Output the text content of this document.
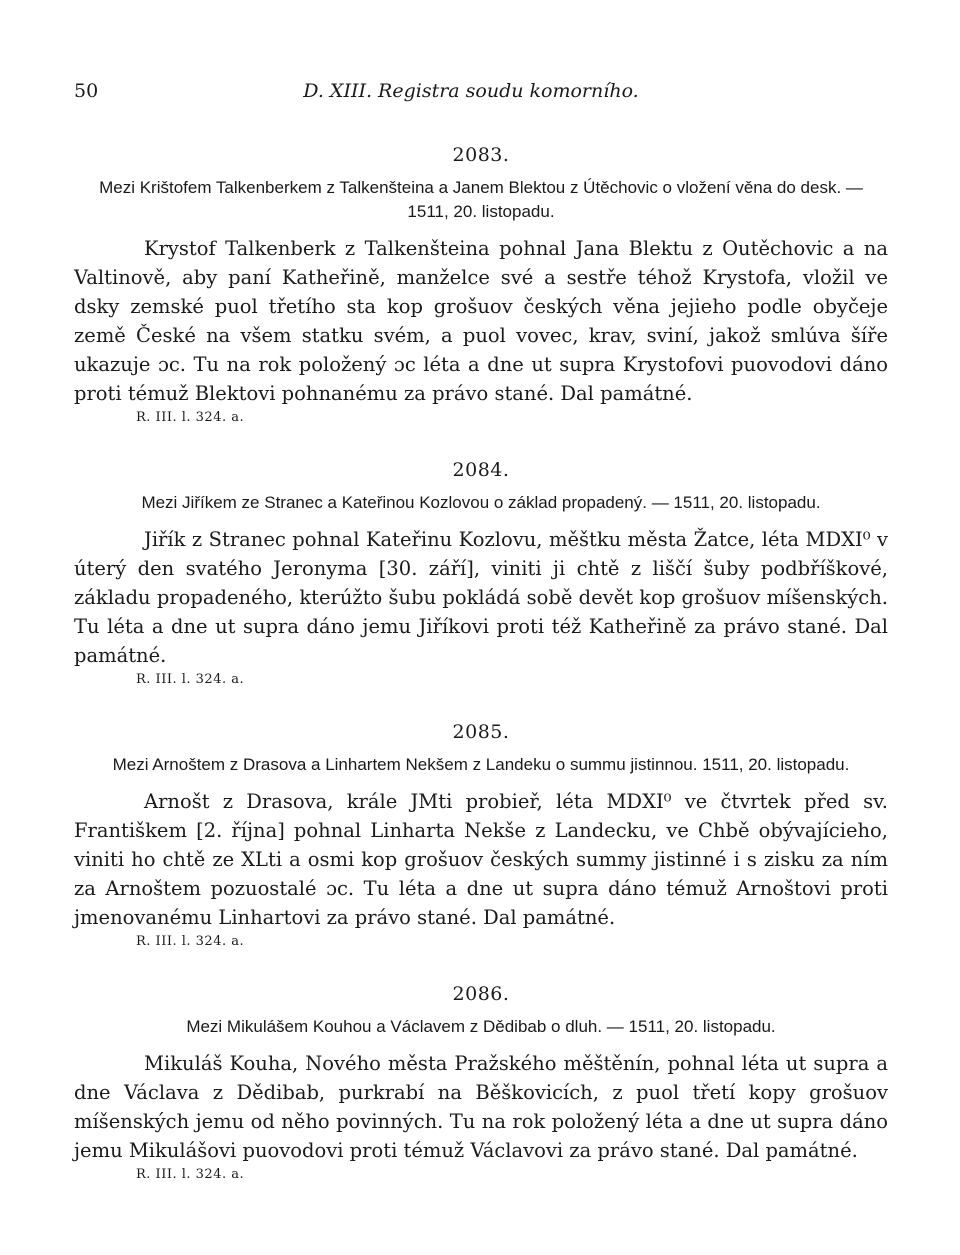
50	D. XIII. Registra soudu komorního.
2083.
Mezi Krištofem Talkenberkem z Talkenšteina a Janem Blektou z Útěchovic o vložení věna do desk. — 1511, 20. listopadu.

Krystof Talkenberk z Talkenšteina pohnal Jana Blektu z Outěchovic a na Valtinově, aby paní Katheřině, manželce své a sestře téhož Krystofa, vložil ve dsky zemské puol třetího sta kop grošuov českých věna jejieho podle obyčeje země České na všem statku svém, a puol vovec, krav, sviní, jakož smlúva šíře ukazuje ɔc. Tu na rok položený ɔc léta a dne ut supra Krystofovi puovodovi dáno proti témuž Blektovi pohnanému za právo stané. Dal památné.

R. III. l. 324. a.
2084.
Mezi Jiříkem ze Stranec a Kateřinou Kozlovou o základ propadený. — 1511, 20. listopadu.

Jiřík z Stranec pohnal Kateřinu Kozlovu, měštku města Žatce, léta MDXI⁰ v úterý den svatého Jeronyma [30. září], viniti ji chtě z liščí šuby podbříškové, základu propadeného, kterúžto šubu pokládá sobě devět kop grošuov míšenských. Tu léta a dne ut supra dáno jemu Jiříkovi proti též Katheřině za právo stané. Dal památné.

R. III. l. 324. a.
2085.
Mezi Arnoštem z Drasova a Linhartem Nekšem z Landeku o summu jistinnou. 1511, 20. listopadu.

Arnošt z Drasova, krále JMti probieř, léta MDXI⁰ ve čtvrtek před sv. Františkem [2. října] pohnal Linharta Nekše z Landecku, ve Chbě obývajícieho, viniti ho chtě ze XLti a osmi kop grošuov českých summy jistinné i s zisku za ním za Arnoštem pozuostalé ɔc. Tu léta a dne ut supra dáno témuž Arnoštovi proti jmenovanému Linhartovi za právo stané. Dal památné.

R. III. l. 324. a.
2086.
Mezi Mikulášem Kouhou a Václavem z Dědibab o dluh. — 1511, 20. listopadu.

Mikuláš Kouha, Nového města Pražského měštěnín, pohnal léta ut supra a dne Václava z Dědibab, purkrabí na Běškovicích, z puol třetí kopy grošuov míšenských jemu od něho povinných. Tu na rok položený léta a dne ut supra dáno jemu Mikulášovi puovodovi proti témuž Václavovi za právo stané. Dal památné.

R. III. l. 324. a.
